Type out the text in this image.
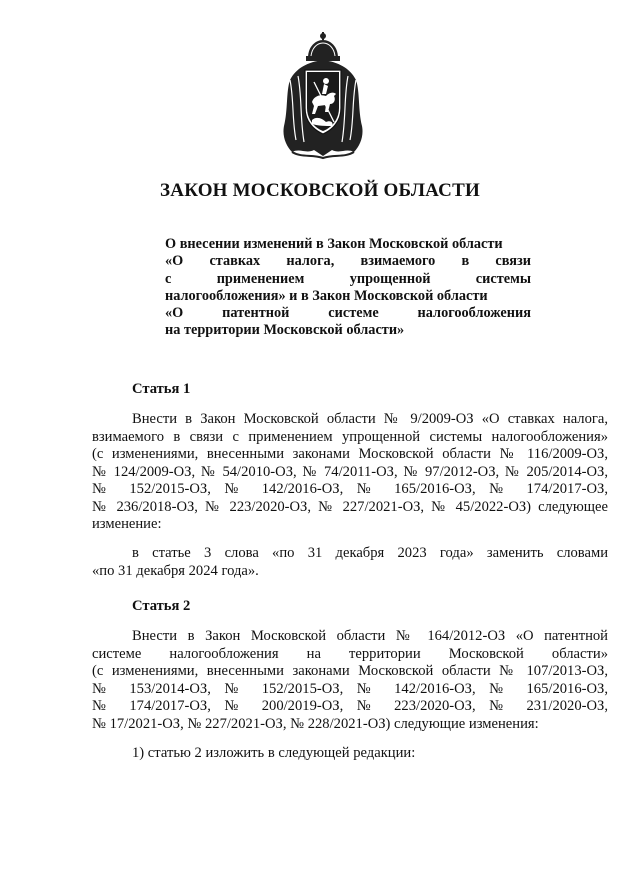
ЗАКОН МОСКОВСКОЙ ОБЛАСТИ
О внесении изменений в Закон Московской области
«О ставках налога, взимаемого в связи
с применением упрощенной системы
налогообложения» и в Закон Московской области
«О патентной системе налогообложения
на территории Московской области»
Статья 1
Внести в Закон Московской области № 9/2009-ОЗ «О ставках налога,
взимаемого в связи с применением упрощенной системы налогообложения»
(с изменениями, внесенными законами Московской области № 116/2009-ОЗ,
№ 124/2009-ОЗ, № 54/2010-ОЗ, № 74/2011-ОЗ, № 97/2012-ОЗ, № 205/2014-ОЗ,
№ 152/2015-ОЗ, № 142/2016-ОЗ, № 165/2016-ОЗ, № 174/2017-ОЗ,
№ 236/2018-ОЗ, № 223/2020-ОЗ, № 227/2021-ОЗ, № 45/2022-ОЗ) следующее
изменение:
в статье 3 слова «по 31 декабря 2023 года» заменить словами
«по 31 декабря 2024 года».
Статья 2
Внести в Закон Московской области № 164/2012-ОЗ «О патентной
системе налогообложения на территории Московской области»
(с изменениями, внесенными законами Московской области № 107/2013-ОЗ,
№ 153/2014-ОЗ, № 152/2015-ОЗ, № 142/2016-ОЗ, № 165/2016-ОЗ,
№ 174/2017-ОЗ, № 200/2019-ОЗ, № 223/2020-ОЗ, № 231/2020-ОЗ,
№ 17/2021-ОЗ, № 227/2021-ОЗ, № 228/2021-ОЗ) следующие изменения:
1) статью 2 изложить в следующей редакции:
